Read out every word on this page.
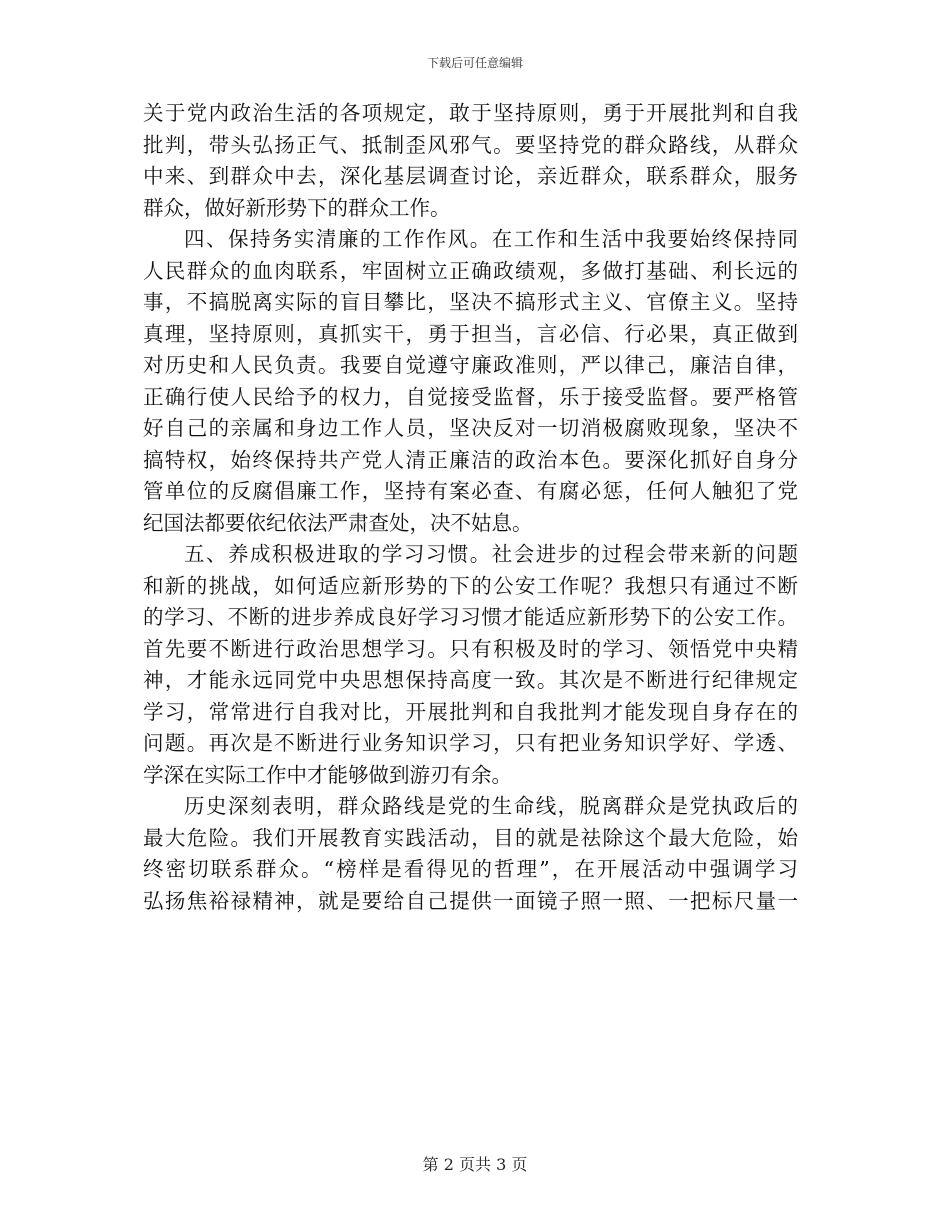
下载后可任意编辑
关于党内政治生活的各项规定，敢于坚持原则，勇于开展批判和自我
批判，带头弘扬正气、抵制歪风邪气。要坚持党的群众路线，从群众
中来、到群众中去，深化基层调查讨论，亲近群众，联系群众，服务
群众，做好新形势下的群众工作。
四、保持务实清廉的工作作风。在工作和生活中我要始终保持同
人民群众的血肉联系，牢固树立正确政绩观，多做打基础、利长远的
事，不搞脱离实际的盲目攀比，坚决不搞形式主义、官僚主义。坚持
真理，坚持原则，真抓实干，勇于担当，言必信、行必果，真正做到
对历史和人民负责。我要自觉遵守廉政准则，严以律己，廉洁自律，
正确行使人民给予的权力，自觉接受监督，乐于接受监督。要严格管
好自己的亲属和身边工作人员，坚决反对一切消极腐败现象，坚决不
搞特权，始终保持共产党人清正廉洁的政治本色。要深化抓好自身分
管单位的反腐倡廉工作，坚持有案必查、有腐必惩，任何人触犯了党
纪国法都要依纪依法严肃查处，决不姑息。
五、养成积极进取的学习习惯。社会进步的过程会带来新的问题
和新的挑战，如何适应新形势的下的公安工作呢？我想只有通过不断
的学习、不断的进步养成良好学习习惯才能适应新形势下的公安工作。
首先要不断进行政治思想学习。只有积极及时的学习、领悟党中央精
神，才能永远同党中央思想保持高度一致。其次是不断进行纪律规定
学习，常常进行自我对比，开展批判和自我批判才能发现自身存在的
问题。再次是不断进行业务知识学习，只有把业务知识学好、学透、
学深在实际工作中才能够做到游刃有余。
历史深刻表明，群众路线是党的生命线，脱离群众是党执政后的
最大危险。我们开展教育实践活动，目的就是祛除这个最大危险，始
终密切联系群众。“榜样是看得见的哲理”，在开展活动中强调学习
弘扬焦裕禄精神，就是要给自己提供一面镜子照一照、一把标尺量一
第 2 页共 3 页
